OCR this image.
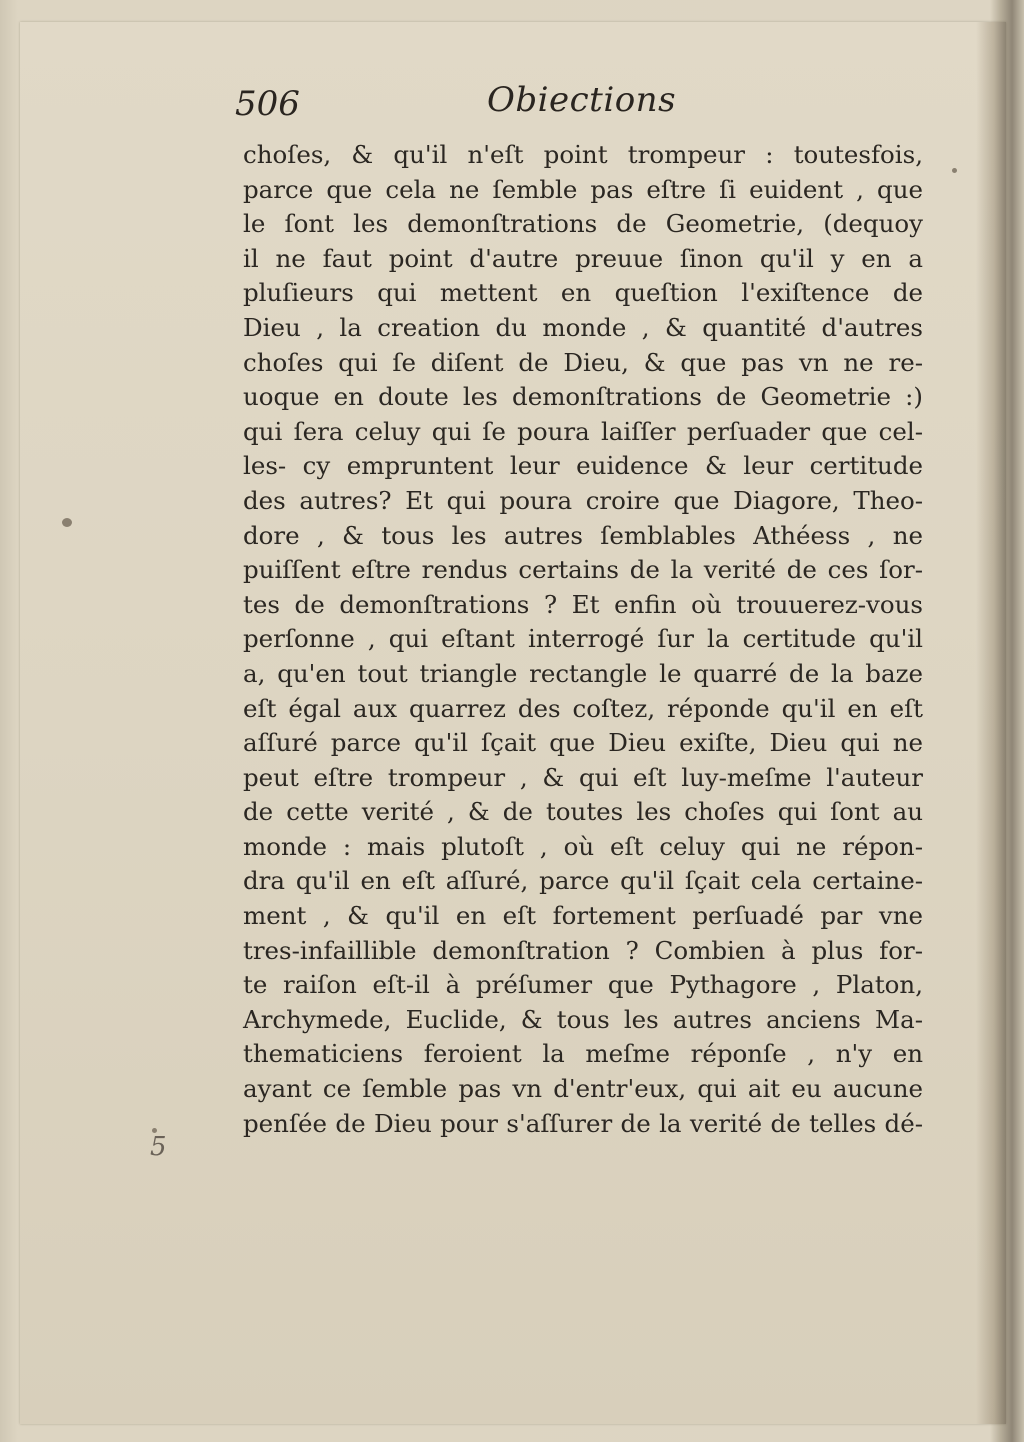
506	Obiections
5
choſes, & qu'il n'eſt point trompeur : toutesfois,
parce que cela ne ſemble pas eſtre ſi euident , que
le ſont les demonſtrations de Geometrie, (dequoy
il ne faut point d'autre preuue ſinon qu'il y en a
pluſieurs qui mettent en queſtion l'exiſtence de
Dieu , la creation du monde , & quantité d'autres
choſes qui ſe diſent de Dieu, & que pas vn ne re-
uoque en doute les demonſtrations de Geometrie :)
qui ſera celuy qui ſe poura laiſſer perſuader que cel-
les- cy empruntent leur euidence & leur certitude
des autres? Et qui poura croire que Diagore, Theo-
dore , & tous les autres ſemblables Athéess , ne
puiſſent eſtre rendus certains de la verité de ces ſor-
tes de demonſtrations ? Et enfin où trouuerez-vous
perſonne , qui eſtant interrogé ſur la certitude qu'il
a, qu'en tout triangle rectangle le quarré de la baze
eſt égal aux quarrez des coſtez, réponde qu'il en eſt
aſſuré parce qu'il ſçait que Dieu exiſte, Dieu qui ne
peut eſtre trompeur , & qui eſt luy-meſme l'auteur
de cette verité , & de toutes les choſes qui ſont au
monde : mais plutoſt , où eſt celuy qui ne répon-
dra qu'il en eſt aſſuré, parce qu'il ſçait cela certaine-
ment , & qu'il en eſt fortement perſuadé par vne
tres-infaillible demonſtration ? Combien à plus for-
te raiſon eſt-il à préſumer que Pythagore , Platon,
Archymede, Euclide, & tous les autres anciens Ma-
thematiciens feroient la meſme réponſe , n'y en
ayant ce ſemble pas vn d'entr'eux, qui ait eu aucune
penſée de Dieu pour s'aſſurer de la verité de telles dé-
